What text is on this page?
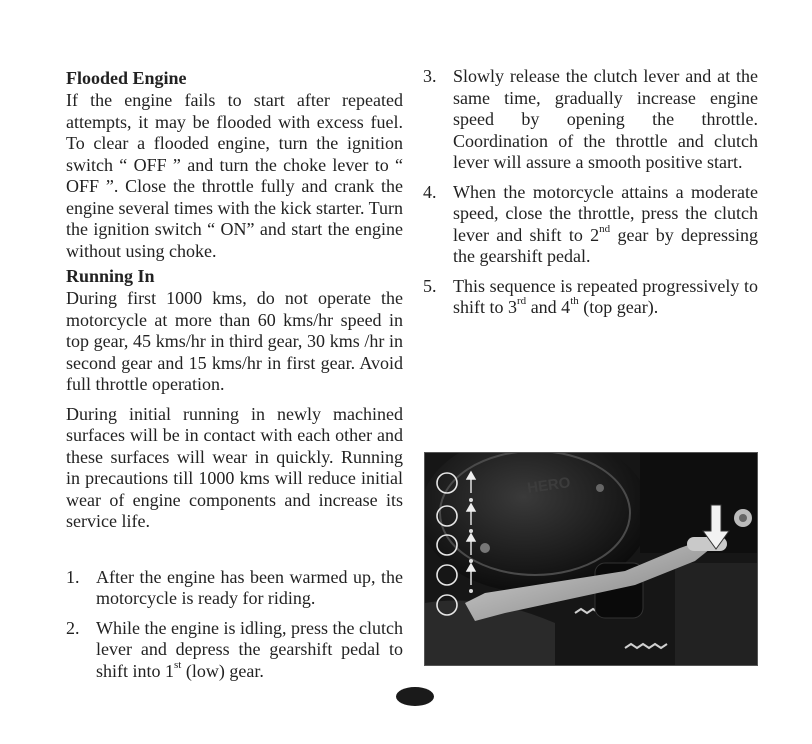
Flooded Engine

If the engine fails to start after repeated attempts, it may be flooded with excess fuel. To clear a flooded engine, turn the ignition switch “ OFF ” and turn the choke lever to “ OFF ”. Close the throttle fully and crank the engine several times with the kick starter. Turn the ignition switch “ ON” and start the engine without using choke.

Running In

During first 1000 kms, do not operate the motorcycle at more than 60 kms/hr speed in top gear, 45 kms/hr in third gear, 30 kms /hr in second gear and 15 kms/hr in first gear. Avoid full throttle operation.

During initial running in newly machined surfaces will be in contact with each other and these surfaces will wear in quickly. Running in precautions till 1000 kms will reduce initial wear of engine components and increase its service life.

1. After the engine has been warmed up, the motorcycle is ready for riding.
2. While the engine is idling, press the clutch lever and depress the gearshift pedal to shift into 1st (low) gear.
3. Slowly release the clutch lever and at the same time, gradually increase engine speed by opening the throttle. Coordination of the throttle and clutch lever will assure a smooth positive start.
4. When the motorcycle attains a moderate speed, close the throttle, press the clutch lever and shift to 2nd gear by depressing the gearshift pedal.
5. This sequence is repeated progressively to shift to 3rd and 4th (top gear).
HERO
